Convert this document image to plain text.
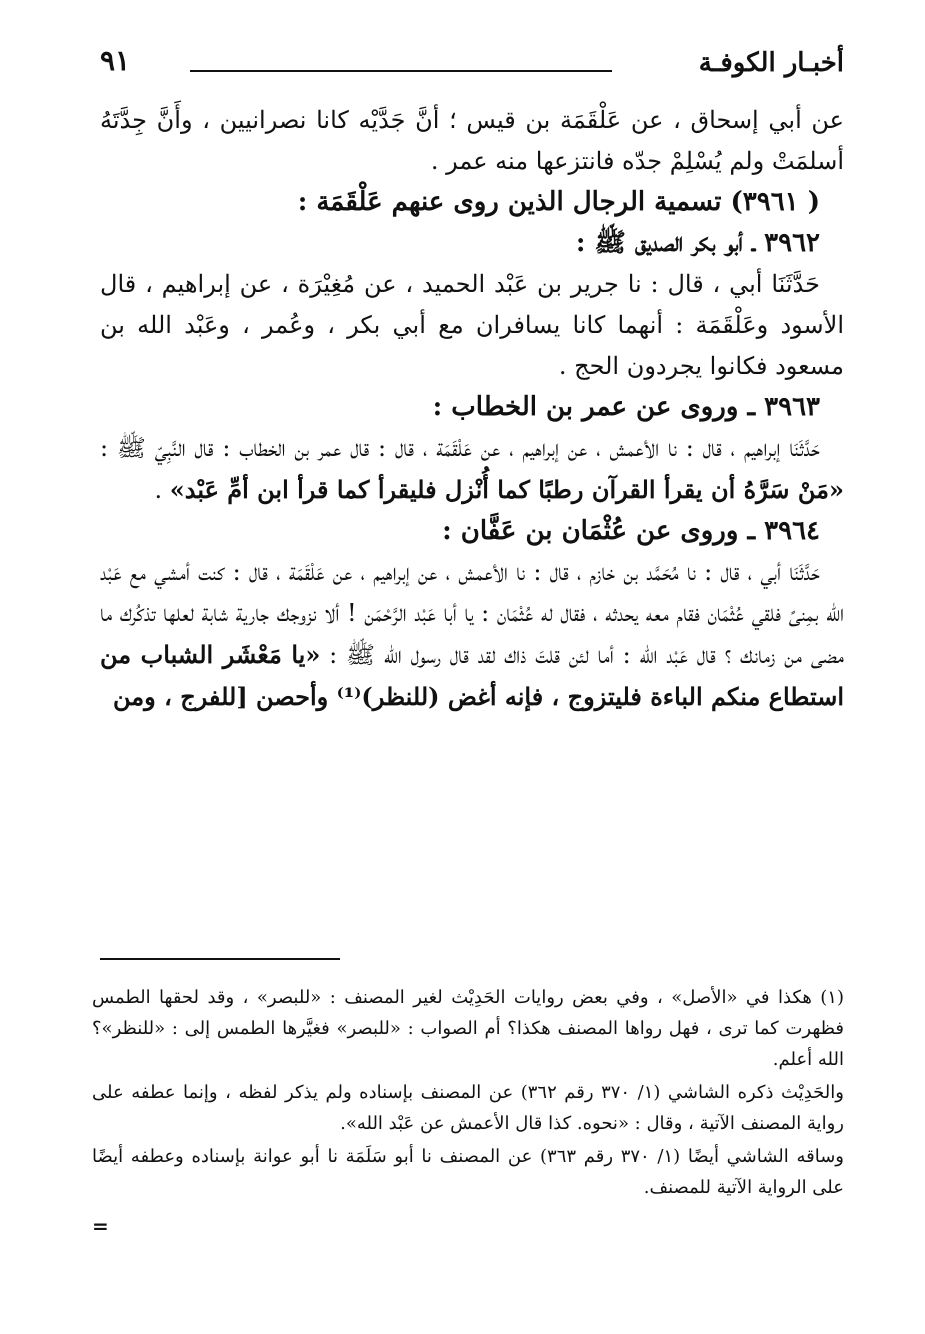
أخبـار الكوفـة
٩١

عن أبي إسحاق ، عن عَلْقَمَة بن قيس ؛ أنَّ جَدَّيْه كانا نصرانيين ، وأَنَّ جِدَّتَهُ أسلمَتْ ولم يُسْلِمْ جدّه فانتزعها منه عمر .

( ٣٩٦١) تسمية الرجال الذين روى عنهم عَلْقَمَة :

٣٩٦٢ ـ أبو بكر الصديق ﷺ :

حَدَّثَنَا أبي ، قال : نا جرير بن عَبْد الحميد ، عن مُغِيْرَة ، عن إبراهيم ، قال الأسود وعَلْقَمَة : أنهما كانا يسافران مع أبي بكر ، وعُمر ، وعَبْد الله بن مسعود فكانوا يجردون الحج .

٣٩٦٣ ـ وروى عن عمر بن الخطاب :

حَدَّثَنَا إبراهيم ، قال : نا الأعمش ، عن إبراهيم ، عن عَلْقَمَة ، قال : قال عمر بن الخطاب : قال النَّبِيّ ﷺ : «مَنْ سَرَّهُ أن يقرأ القرآن رطبًا كما أُنْزل فليقرأ كما قرأ ابن أمِّ عَبْد» .

٣٩٦٤ ـ وروى عن عُثْمَان بن عَفَّان :

حَدَّثَنَا أبي ، قال : نا مُحَمَّد بن خازم ، قال : نا الأعمش ، عن إبراهيم ، عن عَلْقَمَة ، قال : كنت أمشي مع عَبْد الله بمِنىً فلقي عُثْمَان فقام معه يحدثه ، فقال له عُثْمَان : يا أبا عَبْد الرَّحْمَن ! ألا نزوجك جارية شابة لعلها تذكُرك ما مضى من زمانك ؟ قال عَبْد الله : أما لئن قلتَ ذاك لقد قال رسول الله ﷺ : «يا مَعْشَر الشباب من استطاع منكم الباءة فليتزوج ، فإنه أغض (للنظر)⁽¹⁾ وأحصن [للفرج ، ومن

(١) هكذا في «الأصل» ، وفي بعض روايات الحَدِيْث لغير المصنف : «للبصر» ، وقد لحقها الطمس فظهرت كما ترى ، فهل رواها المصنف هكذا؟ أم الصواب : «للبصر» فغيَّرها الطمس إلى : «للنظر»؟ الله أعلم.

والحَدِيْث ذكره الشاشي (١/ ٣٧٠ رقم ٣٦٢) عن المصنف بإسناده ولم يذكر لفظه ، وإنما عطفه على رواية المصنف الآتية ، وقال : «نحوه. كذا قال الأعمش عن عَبْد الله».

وساقه الشاشي أيضًا (١/ ٣٧٠ رقم ٣٦٣) عن المصنف نا أبو سَلَمَة نا أبو عوانة بإسناده وعطفه أيضًا على الرواية الآتية للمصنف.

=
